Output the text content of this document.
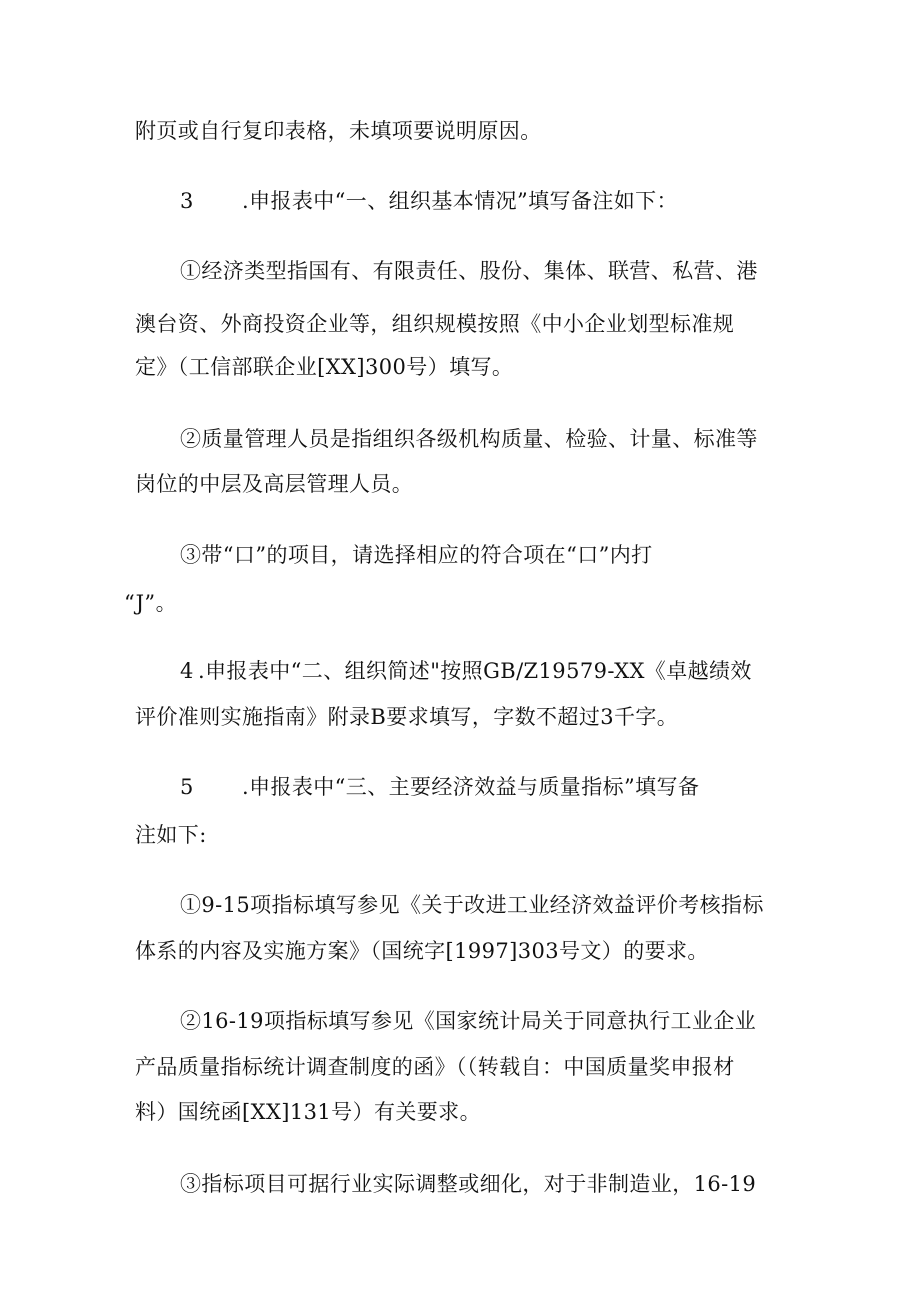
附页或自行复印表格，未填项要说明原因。
3 .申报表中“一、组织基本情况”填写备注如下：
①经济类型指国有、有限责任、股份、集体、联营、私营、港
澳台资、外商投资企业等，组织规模按照《中小企业划型标准规
定》（工信部联企业[XX]300号）填写。
②质量管理人员是指组织各级机构质量、检验、计量、标准等
岗位的中层及高层管理人员。
③带“口”的项目，请选择相应的符合项在“口”内打
“J”。
4 .申报表中“二、组织简述"按照GB/Z19579-XX《卓越绩效
评价准则实施指南》附录B要求填写，字数不超过3千字。
5 .申报表中“三、主要经济效益与质量指标”填写备
注如下:
①9-15项指标填写参见《关于改进工业经济效益评价考核指标
体系的内容及实施方案》（国统字[1997]303号文）的要求。
②16-19项指标填写参见《国家统计局关于同意执行工业企业
产品质量指标统计调查制度的函》（（转载自：中国质量奖申报材
料）国统函[XX]131号）有关要求。
③指标项目可据行业实际调整或细化，对于非制造业，16-19
